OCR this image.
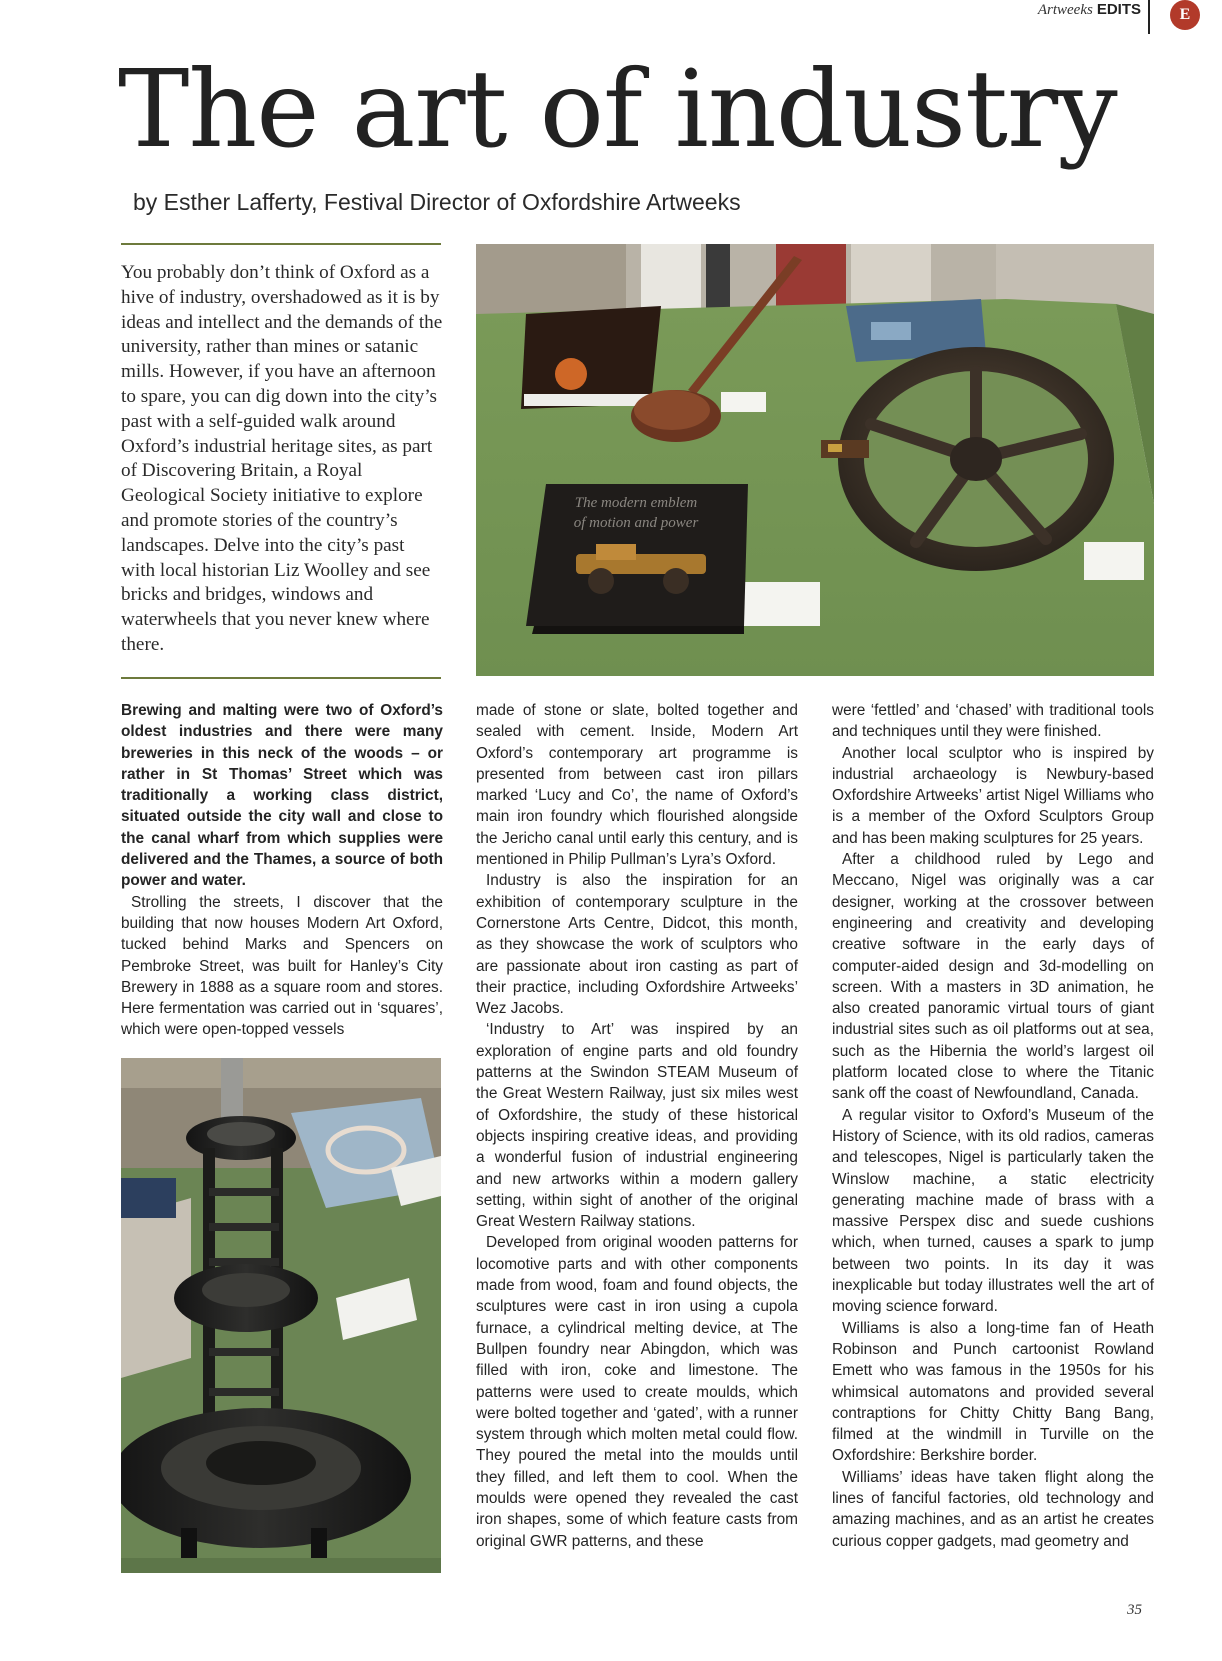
Artweeks EDITS	E
The art of industry

by Esther Lafferty, Festival Director of Oxfordshire Artweeks

You probably don’t think of Oxford as a hive of industry, overshadowed as it is by ideas and intellect and the demands of the university, rather than mines or satanic mills. However, if you have an afternoon to spare, you can dig down into the city’s past with a self-guided walk around Oxford’s industrial heritage sites, as part of Discovering Britain, a Royal Geological Society initiative to explore and promote stories of the country’s landscapes. Delve into the city’s past with local historian Liz Woolley and see bricks and bridges, windows and waterwheels that you never knew where there.

The modern emblem
of motion and power

Brewing and malting were two of Oxford’s oldest industries and there were many breweries in this neck of the woods – or rather in St Thomas’ Street which was traditionally a working class district, situated outside the city wall and close to the canal wharf from which supplies were delivered and the Thames, a source of both power and water.

Strolling the streets, I discover that the building that now houses Modern Art Oxford, tucked behind Marks and Spencers on Pembroke Street, was built for Hanley’s City Brewery in 1888 as a square room and stores. Here fermentation was carried out in ‘squares’, which were open-topped vessels

made of stone or slate, bolted together and sealed with cement. Inside, Modern Art Oxford’s contemporary art programme is presented from between cast iron pillars marked ‘Lucy and Co’, the name of Oxford’s main iron foundry which flourished alongside the Jericho canal until early this century, and is mentioned in Philip Pullman’s Lyra’s Oxford.

Industry is also the inspiration for an exhibition of contemporary sculpture in the Cornerstone Arts Centre, Didcot, this month, as they showcase the work of sculptors who are passionate about iron casting as part of their practice, including Oxfordshire Artweeks’ Wez Jacobs.

‘Industry to Art’ was inspired by an exploration of engine parts and old foundry patterns at the Swindon STEAM Museum of the Great Western Railway, just six miles west of Oxfordshire, the study of these historical objects inspiring creative ideas, and providing a wonderful fusion of industrial engineering and new artworks within a modern gallery setting, within sight of another of the original Great Western Railway stations.

Developed from original wooden patterns for locomotive parts and with other components made from wood, foam and found objects, the sculptures were cast in iron using a cupola furnace, a cylindrical melting device, at The Bullpen foundry near Abingdon, which was filled with iron, coke and limestone. The patterns were used to create moulds, which were bolted together and ‘gated’, with a runner system through which molten metal could flow. They poured the metal into the moulds until they filled, and left them to cool. When the moulds were opened they revealed the cast iron shapes, some of which feature casts from original GWR patterns, and these

were ‘fettled’ and ‘chased’ with traditional tools and techniques until they were finished.

Another local sculptor who is inspired by industrial archaeology is Newbury-based Oxfordshire Artweeks’ artist Nigel Williams who is a member of the Oxford Sculptors Group and has been making sculptures for 25 years.

After a childhood ruled by Lego and Meccano, Nigel was originally was a car designer, working at the crossover between engineering and creativity and developing creative software in the early days of computer-aided design and 3d-modelling on screen. With a masters in 3D animation, he also created panoramic virtual tours of giant industrial sites such as oil platforms out at sea, such as the Hibernia the world’s largest oil platform located close to where the Titanic sank off the coast of Newfoundland, Canada.

A regular visitor to Oxford’s Museum of the History of Science, with its old radios, cameras and telescopes, Nigel is particularly taken the Winslow machine, a static electricity generating machine made of brass with a massive Perspex disc and suede cushions which, when turned, causes a spark to jump between two points. In its day it was inexplicable but today illustrates well the art of moving science forward.

Williams is also a long-time fan of Heath Robinson and Punch cartoonist Rowland Emett who was famous in the 1950s for his whimsical automatons and provided several contraptions for Chitty Chitty Bang Bang, filmed at the windmill in Turville on the Oxfordshire: Berkshire border.

Williams’ ideas have taken flight along the lines of fanciful factories, old technology and amazing machines, and as an artist he creates curious copper gadgets, mad geometry and

35
